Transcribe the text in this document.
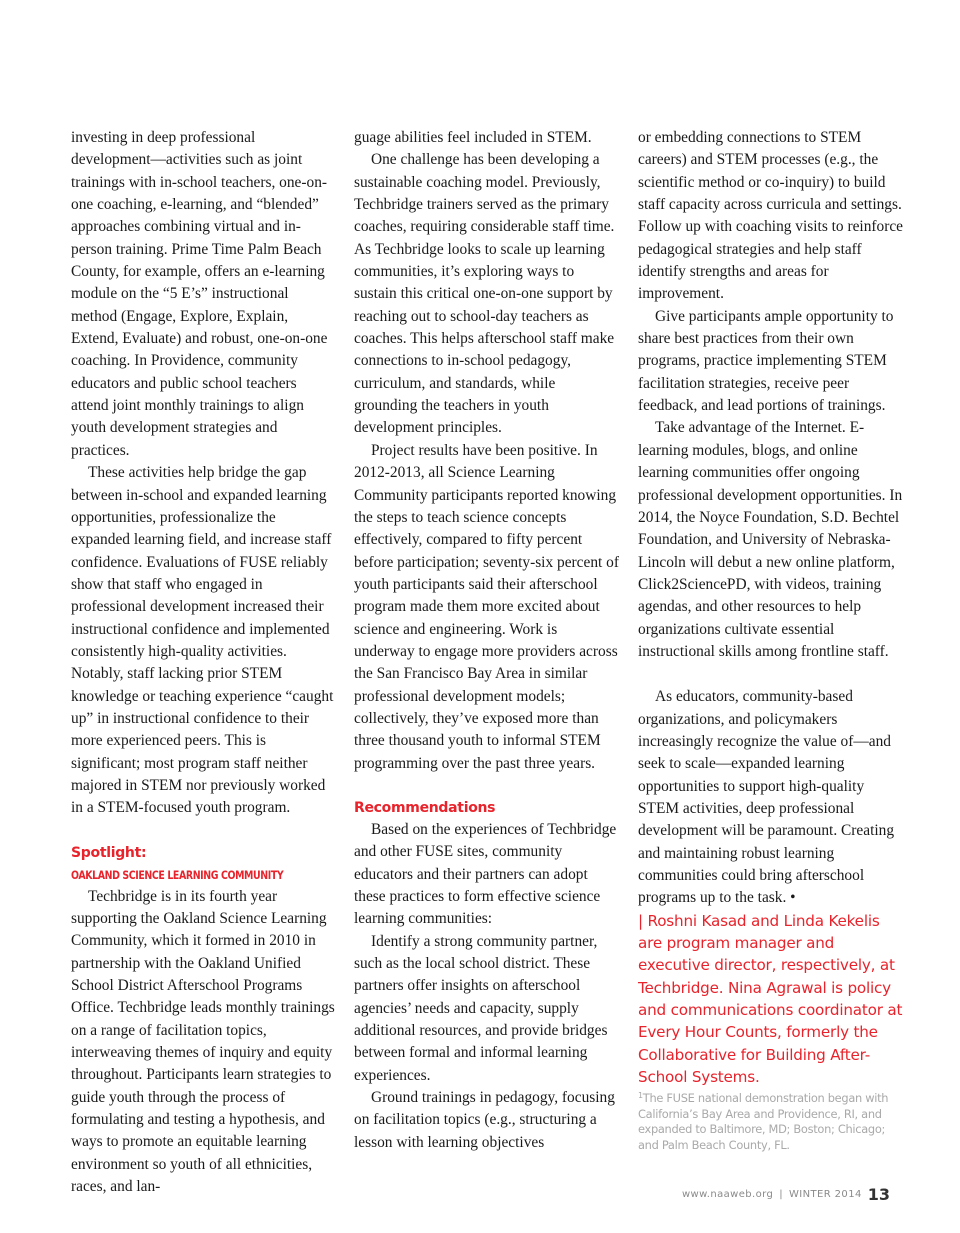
investing in deep professional development—activities such as joint trainings with in-school teachers, one-on-one coaching, e-learning, and “blended” approaches combining virtual and in-person training. Prime Time Palm Beach County, for example, offers an e-learning module on the “5 E’s” instructional method (Engage, Explore, Explain, Extend, Evaluate) and robust, one-on-one coaching. In Providence, community educators and public school teachers attend joint monthly trainings to align youth development strategies and practices.

These activities help bridge the gap between in-school and expanded learning opportunities, professionalize the expanded learning field, and increase staff confidence. Evaluations of FUSE reliably show that staff who engaged in professional development increased their instructional confidence and implemented consistently high-quality activities. Notably, staff lacking prior STEM knowledge or teaching experience “caught up” in instructional confidence to their more experienced peers. This is significant; most program staff neither majored in STEM nor previously worked in a STEM-focused youth program.

Spotlight:
OAKLAND SCIENCE LEARNING COMMUNITY

Techbridge is in its fourth year supporting the Oakland Science Learning Community, which it formed in 2010 in partnership with the Oakland Unified School District Afterschool Programs Office. Techbridge leads monthly trainings on a range of facilitation topics, interweaving themes of inquiry and equity throughout. Participants learn strategies to guide youth through the process of formulating and testing a hypothesis, and ways to promote an equitable learning environment so youth of all ethnicities, races, and lan-

guage abilities feel included in STEM.

One challenge has been developing a sustainable coaching model. Previously, Techbridge trainers served as the primary coaches, requiring considerable staff time. As Techbridge looks to scale up learning communities, it’s exploring ways to sustain this critical one-on-one support by reaching out to school-day teachers as coaches. This helps afterschool staff make connections to in-school pedagogy, curriculum, and standards, while grounding the teachers in youth development principles.

Project results have been positive. In 2012-2013, all Science Learning Community participants reported knowing the steps to teach science concepts effectively, compared to fifty percent before participation; seventy-six percent of youth participants said their afterschool program made them more excited about science and engineering. Work is underway to engage more providers across the San Francisco Bay Area in similar professional development models; collectively, they’ve exposed more than three thousand youth to informal STEM programming over the past three years.

Recommendations

Based on the experiences of Techbridge and other FUSE sites, community educators and their partners can adopt these practices to form effective science learning communities:

Identify a strong community partner, such as the local school district. These partners offer insights on afterschool agencies’ needs and capacity, supply additional resources, and provide bridges between formal and informal learning experiences.

Ground trainings in pedagogy, focusing on facilitation topics (e.g., structuring a lesson with learning objectives

or embedding connections to STEM careers) and STEM processes (e.g., the scientific method or co-inquiry) to build staff capacity across curricula and settings. Follow up with coaching visits to reinforce pedagogical strategies and help staff identify strengths and areas for improvement.

Give participants ample opportunity to share best practices from their own programs, practice implementing STEM facilitation strategies, receive peer feedback, and lead portions of trainings.

Take advantage of the Internet. E-learning modules, blogs, and online learning communities offer ongoing professional development opportunities. In 2014, the Noyce Foundation, S.D. Bechtel Foundation, and University of Nebraska-Lincoln will debut a new online platform, Click2SciencePD, with videos, training agendas, and other resources to help organizations cultivate essential instructional skills among frontline staff.

As educators, community-based organizations, and policymakers increasingly recognize the value of—and seek to scale—expanded learning opportunities to support high-quality STEM activities, deep professional development will be paramount. Creating and maintaining robust learning communities could bring afterschool programs up to the task. •

| Roshni Kasad and Linda Kekelis are program manager and executive director, respectively, at Techbridge. Nina Agrawal is policy and communications coordinator at Every Hour Counts, formerly the Collaborative for Building After-School Systems.

$^1$The FUSE national demonstration began with California’s Bay Area and Providence, RI, and expanded to Baltimore, MD; Boston; Chicago; and Palm Beach County, FL.
www.naaweb.org | WINTER 2014 13
